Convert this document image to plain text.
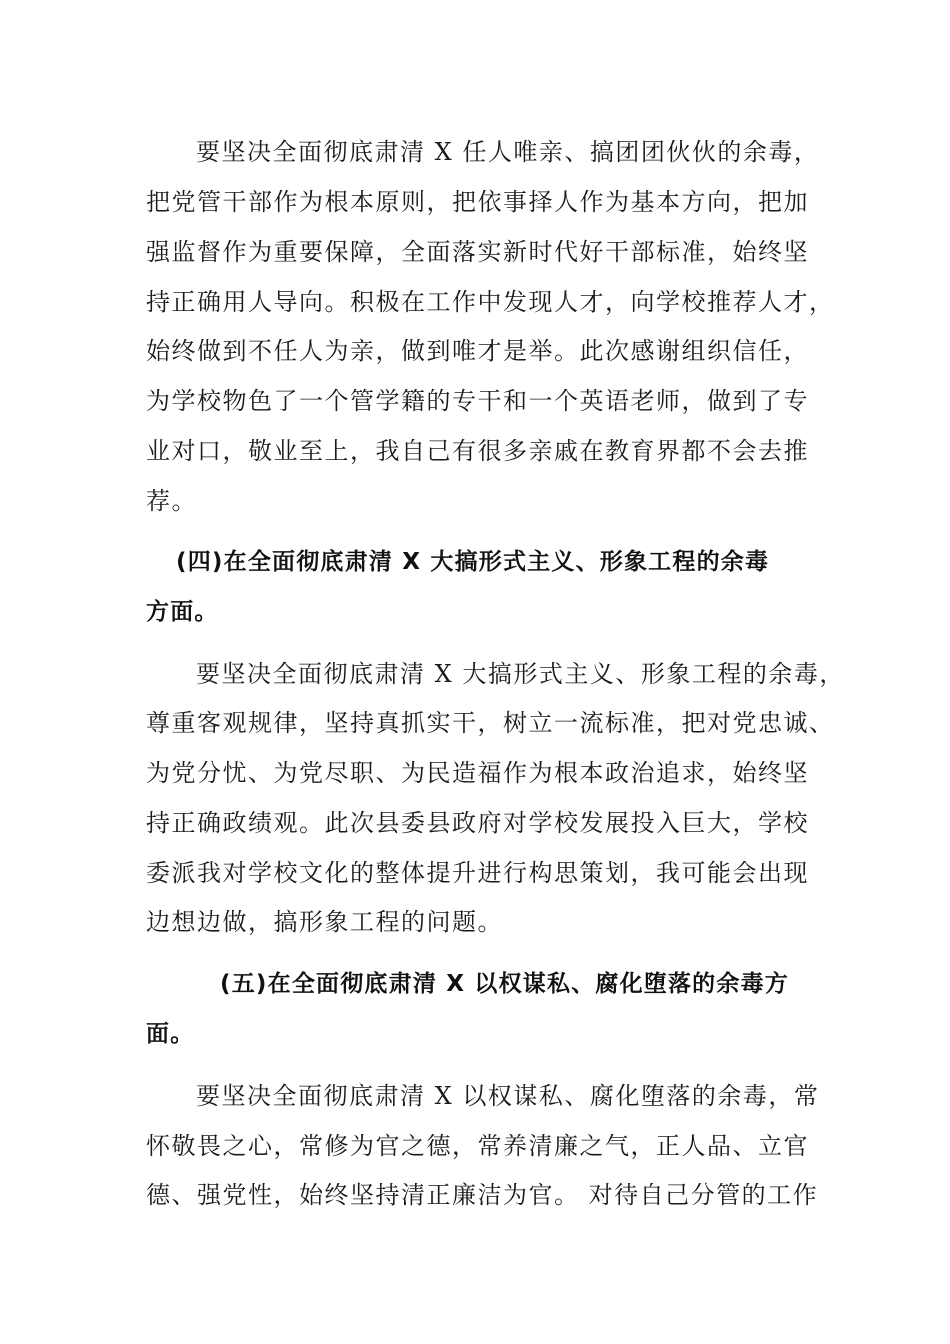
要坚决全面彻底肃清 X 任人唯亲、搞团团伙伙的余毒，
把党管干部作为根本原则，把依事择人作为基本方向，把加
强监督作为重要保障，全面落实新时代好干部标准，始终坚
持正确用人导向。积极在工作中发现人才，向学校推荐人才，
始终做到不任人为亲，做到唯才是举。此次感谢组织信任，
为学校物色了一个管学籍的专干和一个英语老师，做到了专
业对口，敬业至上，我自己有很多亲戚在教育界都不会去推
荐。
(四)在全面彻底肃清 X 大搞形式主义、形象工程的余毒
方面。
要坚决全面彻底肃清 X 大搞形式主义、形象工程的余毒，
尊重客观规律，坚持真抓实干，树立一流标准，把对党忠诚、
为党分忧、为党尽职、为民造福作为根本政治追求，始终坚
持正确政绩观。此次县委县政府对学校发展投入巨大，学校
委派我对学校文化的整体提升进行构思策划，我可能会出现
边想边做，搞形象工程的问题。
(五)在全面彻底肃清 X 以权谋私、腐化堕落的余毒方
面。
要坚决全面彻底肃清 X 以权谋私、腐化堕落的余毒，常
怀敬畏之心，常修为官之德，常养清廉之气，正人品、立官
德、强党性，始终坚持清正廉洁为官。 对待自己分管的工作
